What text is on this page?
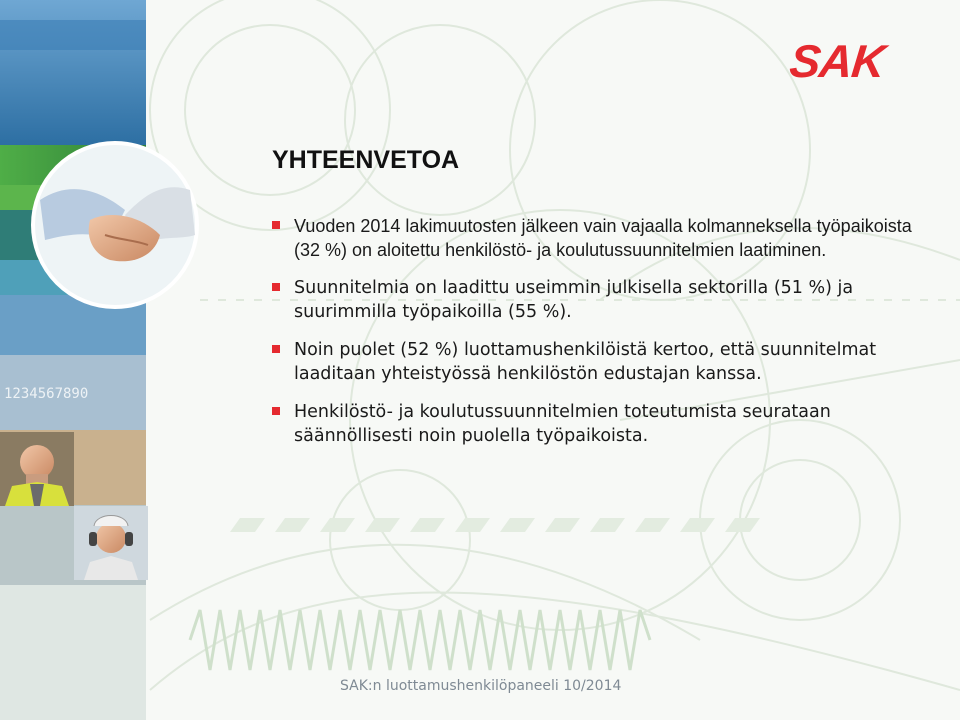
1234567890
SAK
YHTEENVETOA
Vuoden 2014 lakimuutosten jälkeen vain vajaalla kolmanneksella työpaikoista (32 %) on aloitettu henkilöstö- ja koulutussuunnitelmien laatiminen.
Suunnitelmia on laadittu useimmin julkisella sektorilla (51 %) ja suurimmilla työpaikoilla (55 %).
Noin puolet (52 %) luottamushenkilöistä kertoo, että suunnitelmat laaditaan yhteistyössä henkilöstön edustajan kanssa.
Henkilöstö- ja koulutussuunnitelmien toteutumista seurataan säännöllisesti noin puolella työpaikoista.
SAK:n luottamushenkilöpaneeli 10/2014
